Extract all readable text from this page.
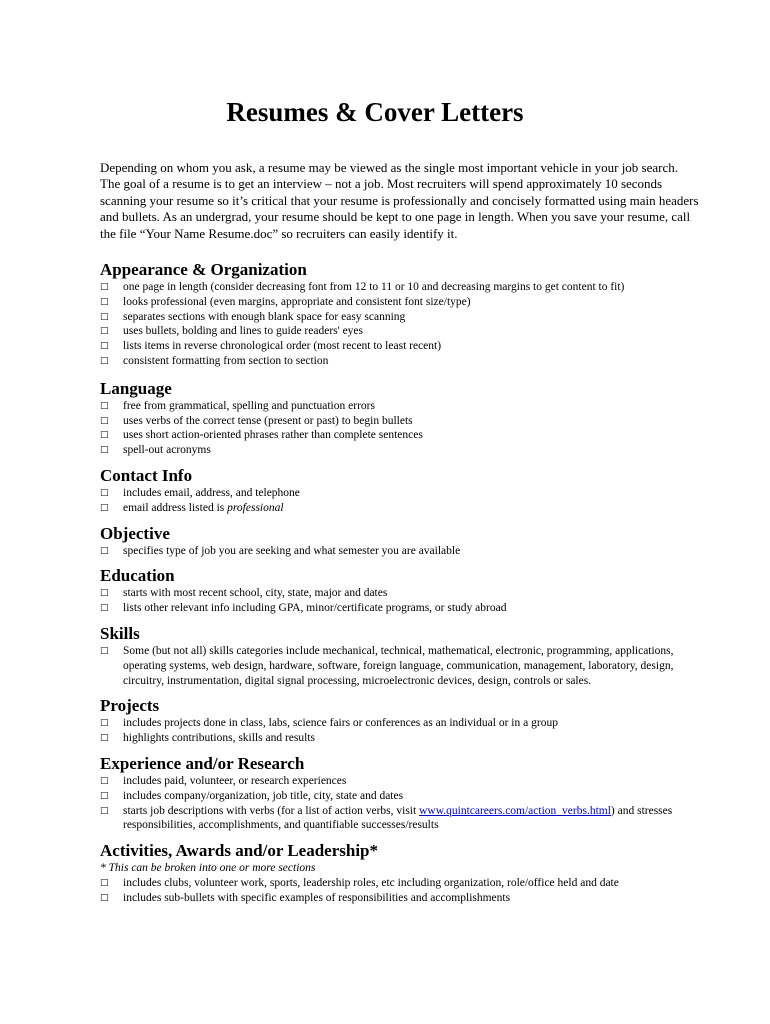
Resumes & Cover Letters

Depending on whom you ask, a resume may be viewed as the single most important vehicle in your job search. The goal of a resume is to get an interview – not a job. Most recruiters will spend approximately 10 seconds scanning your resume so it’s critical that your resume is professionally and concisely formatted using main headers and bullets. As an undergrad, your resume should be kept to one page in length. When you save your resume, call the file “Your Name Resume.doc” so recruiters can easily identify it.

Appearance & Organization
□ one page in length (consider decreasing font from 12 to 11 or 10 and decreasing margins to get content to fit)
□ looks professional (even margins, appropriate and consistent font size/type)
□ separates sections with enough blank space for easy scanning
□ uses bullets, bolding and lines to guide readers' eyes
□ lists items in reverse chronological order (most recent to least recent)
□ consistent formatting from section to section
Language
□ free from grammatical, spelling and punctuation errors
□ uses verbs of the correct tense (present or past) to begin bullets
□ uses short action-oriented phrases rather than complete sentences
□ spell-out acronyms
Contact Info
□ includes email, address, and telephone
□ email address listed is professional
Objective
□ specifies type of job you are seeking and what semester you are available
Education
□ starts with most recent school, city, state, major and dates
□ lists other relevant info including GPA, minor/certificate programs, or study abroad
Skills
□ Some (but not all) skills categories include mechanical, technical, mathematical, electronic, programming, applications, operating systems, web design, hardware, software, foreign language, communication, management, laboratory, design, circuitry, instrumentation, digital signal processing, microelectronic devices, design, controls or sales.
Projects
□ includes projects done in class, labs, science fairs or conferences as an individual or in a group
□ highlights contributions, skills and results
Experience and/or Research
□ includes paid, volunteer, or research experiences
□ includes company/organization, job title, city, state and dates
□ starts job descriptions with verbs (for a list of action verbs, visit www.quintcareers.com/action_verbs.html) and stresses responsibilities, accomplishments, and quantifiable successes/results
Activities, Awards and/or Leadership*
* This can be broken into one or more sections
□ includes clubs, volunteer work, sports, leadership roles, etc including organization, role/office held and date
□ includes sub-bullets with specific examples of responsibilities and accomplishments
